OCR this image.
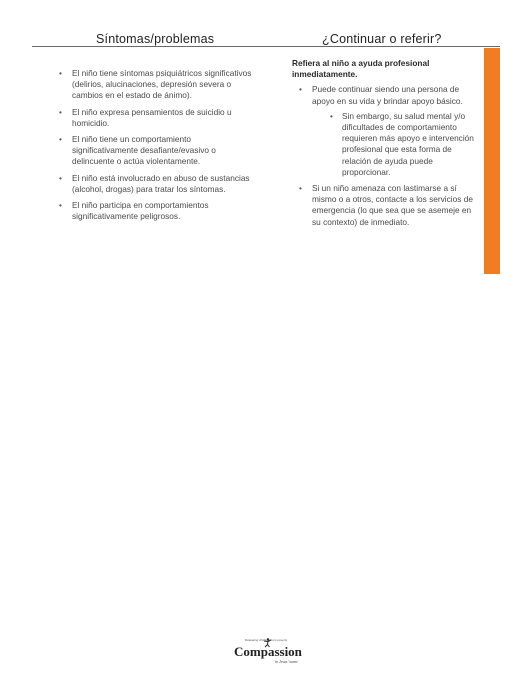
Síntomas/problemas	¿Continuar o referir?
• El niño tiene síntomas psiquiátricos significativos (delirios, alucinaciones, depresión severa o cambios en el estado de ánimo).
• El niño expresa pensamientos de suicidio u homicidio.
• El niño tiene un comportamiento significativamente desafiante/evasivo o delincuente o actúa violentamente.
• El niño está involucrado en abuso de sustancias (alcohol, drogas) para tratar los síntomas.
• El niño participa en comportamientos significativamente peligrosos.
Refiera al niño a ayuda profesional inmediatamente.
• Puede continuar siendo una persona de apoyo en su vida y brindar apoyo básico.
• Sin embargo, su salud mental y/o dificultades de comportamiento requieren más apoyo e intervención profesional que esta forma de relación de ayuda puede proporcionar.
• Si un niño amenaza con lastimarse a sí mismo o a otros, contacte a los servicios de emergencia (lo que sea que se asemeje en su contexto) de inmediato.
Releasing children from poverty
Compassion
in Jesus' name
